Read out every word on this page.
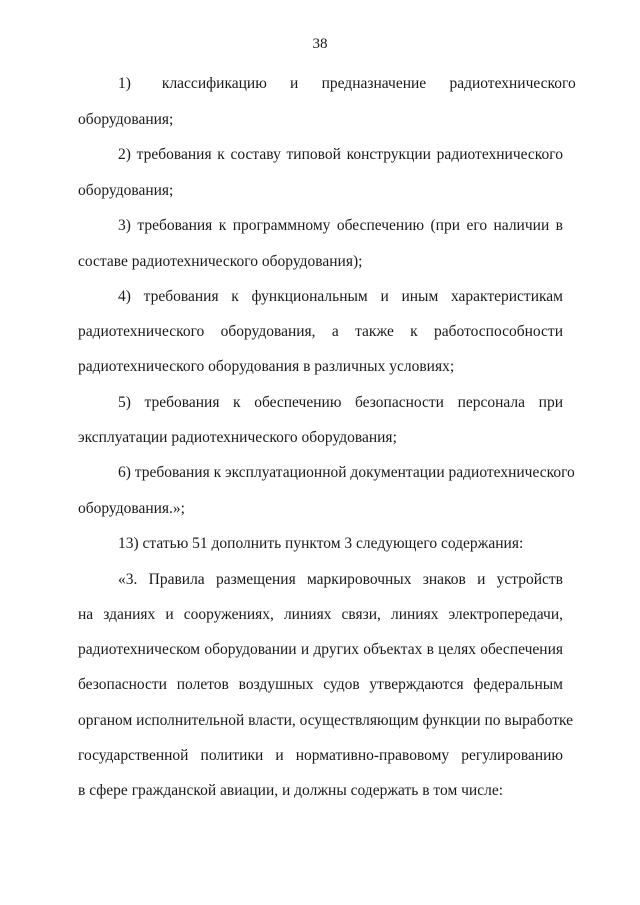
38
1)        классификацию      и      предназначение      радиотехнического
оборудования;
2) требования к составу типовой конструкции радиотехнического
оборудования;
3) требования к программному обеспечению (при его наличии в
составе радиотехнического оборудования);
4) требования к функциональным и иным характеристикам
радиотехнического оборудования, а также к работоспособности
радиотехнического оборудования в различных условиях;
5) требования к обеспечению безопасности персонала при
эксплуатации радиотехнического оборудования;
6) требования к эксплуатационной документации радиотехнического
оборудования.»;
13) статью 51 дополнить пунктом 3 следующего содержания:
«3. Правила размещения маркировочных знаков и устройств
на зданиях и сооружениях, линиях связи, линиях электропередачи,
радиотехническом оборудовании и других объектах в целях обеспечения
безопасности полетов воздушных судов утверждаются федеральным
органом исполнительной власти, осуществляющим функции по выработке
государственной политики и нормативно-правовому регулированию
в сфере гражданской авиации, и должны содержать в том числе:
